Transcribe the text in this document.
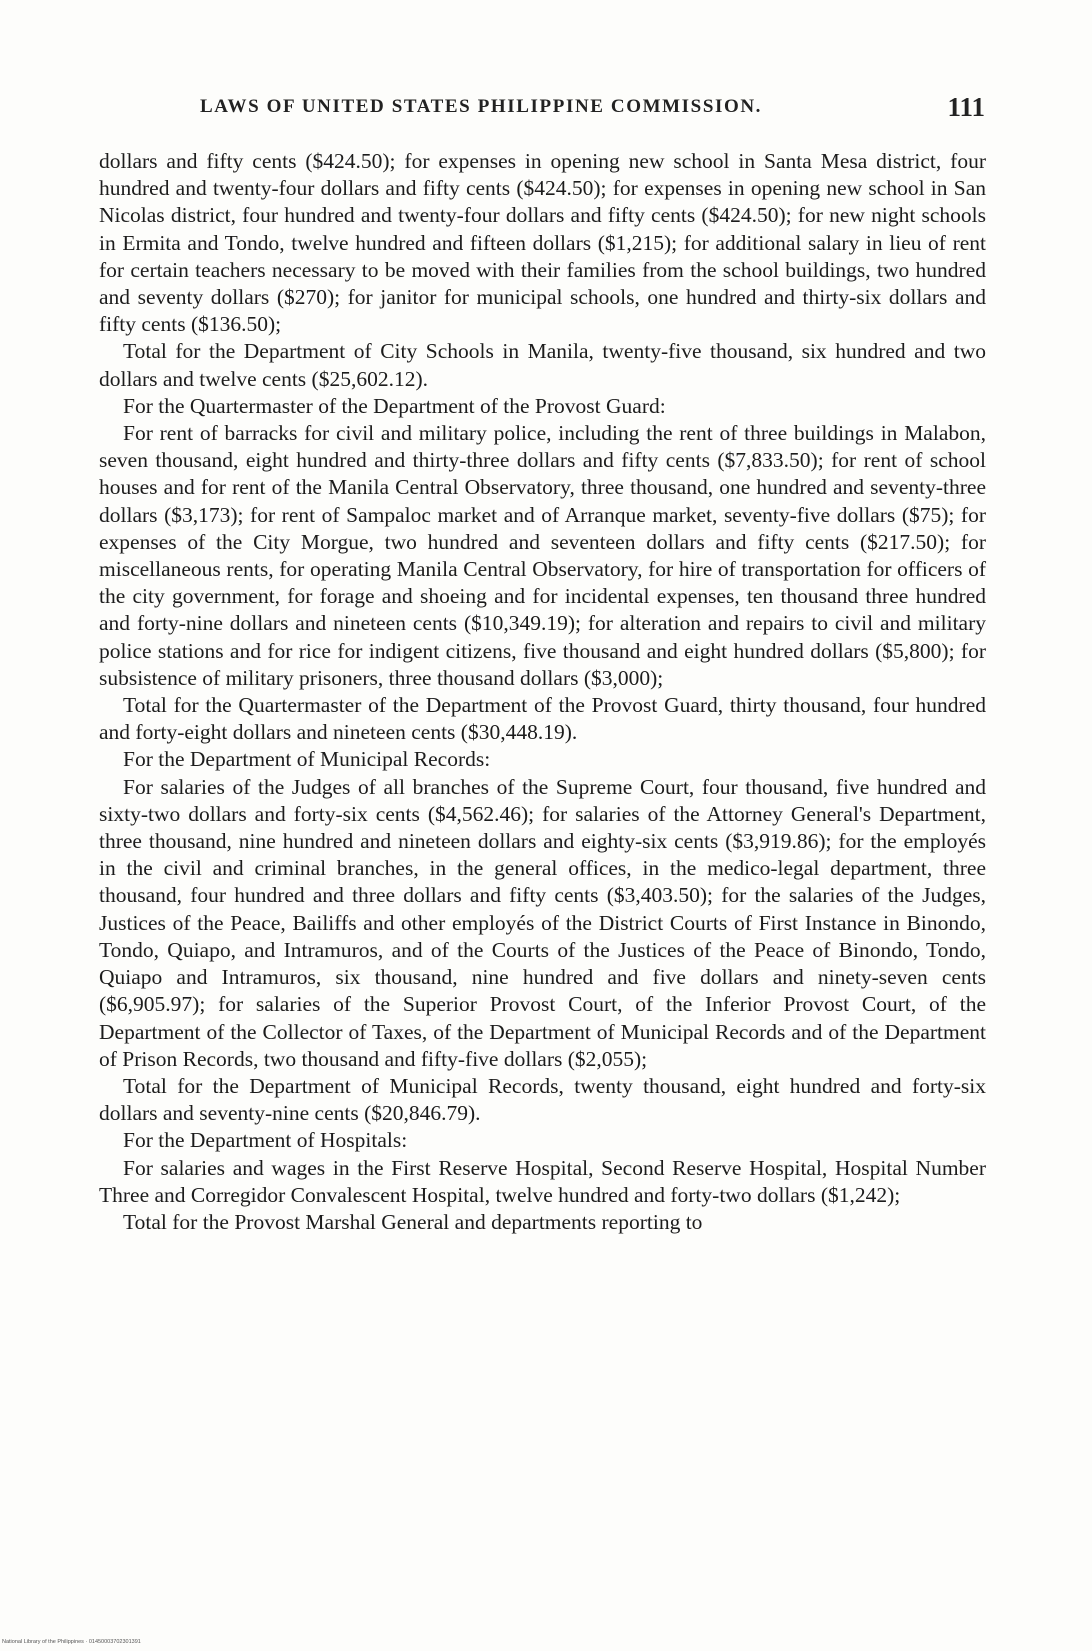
LAWS OF UNITED STATES PHILIPPINE COMMISSION.	111

dollars and fifty cents ($424.50); for expenses in opening new school in Santa Mesa district, four hundred and twenty-four dollars and fifty cents ($424.50); for expenses in opening new school in San Nicolas district, four hundred and twenty-four dollars and fifty cents ($424.50); for new night schools in Ermita and Tondo, twelve hundred and fifteen dollars ($1,215); for additional salary in lieu of rent for certain teachers necessary to be moved with their families from the school buildings, two hundred and seventy dollars ($270); for janitor for municipal schools, one hundred and thirty-six dollars and fifty cents ($136.50);

Total for the Department of City Schools in Manila, twenty-five thousand, six hundred and two dollars and twelve cents ($25,602.12).

For the Quartermaster of the Department of the Provost Guard:

For rent of barracks for civil and military police, including the rent of three buildings in Malabon, seven thousand, eight hundred and thirty-three dollars and fifty cents ($7,833.50); for rent of school houses and for rent of the Manila Central Observatory, three thousand, one hundred and seventy-three dollars ($3,173); for rent of Sampaloc market and of Arranque market, seventy-five dollars ($75); for expenses of the City Morgue, two hundred and seventeen dollars and fifty cents ($217.50); for miscellaneous rents, for operating Manila Central Observatory, for hire of transportation for officers of the city government, for forage and shoeing and for incidental expenses, ten thousand three hundred and forty-nine dollars and nineteen cents ($10,349.19); for alteration and repairs to civil and military police stations and for rice for indigent citizens, five thousand and eight hundred dollars ($5,800); for subsistence of military prisoners, three thousand dollars ($3,000);

Total for the Quartermaster of the Department of the Provost Guard, thirty thousand, four hundred and forty-eight dollars and nineteen cents ($30,448.19).

For the Department of Municipal Records:

For salaries of the Judges of all branches of the Supreme Court, four thousand, five hundred and sixty-two dollars and forty-six cents ($4,562.46); for salaries of the Attorney General's Department, three thousand, nine hundred and nineteen dollars and eighty-six cents ($3,919.86); for the employés in the civil and criminal branches, in the general offices, in the medico-legal department, three thousand, four hundred and three dollars and fifty cents ($3,403.50); for the salaries of the Judges, Justices of the Peace, Bailiffs and other employés of the District Courts of First Instance in Binondo, Tondo, Quiapo, and Intramuros, and of the Courts of the Justices of the Peace of Binondo, Tondo, Quiapo and Intramuros, six thousand, nine hundred and five dollars and ninety-seven cents ($6,905.97); for salaries of the Superior Provost Court, of the Inferior Provost Court, of the Department of the Collector of Taxes, of the Department of Municipal Records and of the Department of Prison Records, two thousand and fifty-five dollars ($2,055);

Total for the Department of Municipal Records, twenty thousand, eight hundred and forty-six dollars and seventy-nine cents ($20,846.79).

For the Department of Hospitals:

For salaries and wages in the First Reserve Hospital, Second Reserve Hospital, Hospital Number Three and Corregidor Convalescent Hospital, twelve hundred and forty-two dollars ($1,242);

Total for the Provost Marshal General and departments reporting to

National Library of the Philippines · 01450003702301391
